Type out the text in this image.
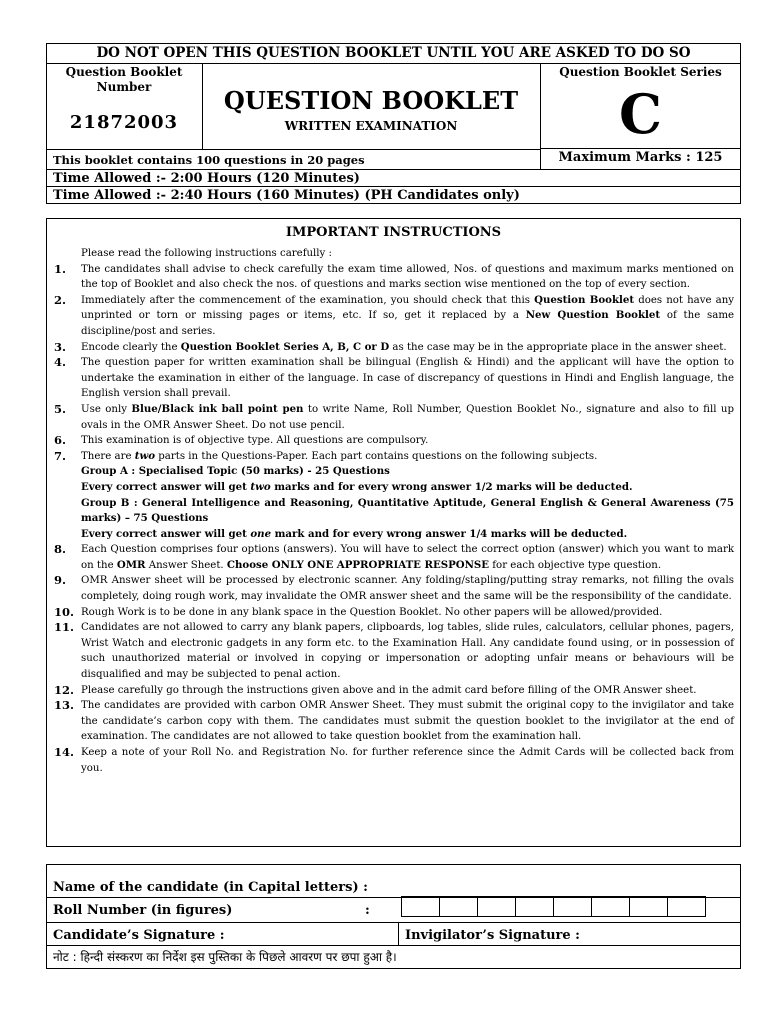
DO NOT OPEN THIS QUESTION BOOKLET UNTIL YOU ARE ASKED TO DO SO
Question Booklet
Number
21872003
QUESTION BOOKLET
WRITTEN EXAMINATION
Question Booklet Series
C
Maximum Marks : 125
This booklet contains 100 questions in 20 pages
Time Allowed :- 2:00 Hours (120 Minutes)
Time Allowed :- 2:40 Hours (160 Minutes) (PH Candidates only)
IMPORTANT INSTRUCTIONS
Please read the following instructions carefully :
1.	The candidates shall advise to check carefully the exam time allowed, Nos. of questions and maximum marks mentioned on the top of Booklet and also check the nos. of questions and marks section wise mentioned on the top of every section.
2.	Immediately after the commencement of the examination, you should check that this Question Booklet does not have any unprinted or torn or missing pages or items, etc. If so, get it replaced by a New Question Booklet of the same discipline/post and series.
3.	Encode clearly the Question Booklet Series A, B, C or D as the case may be in the appropriate place in the answer sheet.
4.	The question paper for written examination shall be bilingual (English & Hindi) and the applicant will have the option to undertake the examination in either of the language. In case of discrepancy of questions in Hindi and English language, the English version shall prevail.
5.	Use only Blue/Black ink ball point pen to write Name, Roll Number, Question Booklet No., signature and also to fill up ovals in the OMR Answer Sheet. Do not use pencil.
6.	This examination is of objective type. All questions are compulsory.
7.	There are two parts in the Questions-Paper. Each part contains questions on the following subjects.
Group A : Specialised Topic (50 marks) - 25 Questions
Every correct answer will get two marks and for every wrong answer 1/2 marks will be deducted.
Group B : General Intelligence and Reasoning, Quantitative Aptitude, General English & General Awareness (75 marks) – 75 Questions
Every correct answer will get one mark and for every wrong answer 1/4 marks will be deducted.
8.	Each Question comprises four options (answers). You will have to select the correct option (answer) which you want to mark on the OMR Answer Sheet. Choose ONLY ONE APPROPRIATE RESPONSE for each objective type question.
9.	OMR Answer sheet will be processed by electronic scanner. Any folding/stapling/putting stray remarks, not filling the ovals completely, doing rough work, may invalidate the OMR answer sheet and the same will be the responsibility of the candidate.
10. Rough Work is to be done in any blank space in the Question Booklet. No other papers will be allowed/provided.
11. Candidates are not allowed to carry any blank papers, clipboards, log tables, slide rules, calculators, cellular phones, pagers, Wrist Watch and electronic gadgets in any form etc. to the Examination Hall. Any candidate found using, or in possession of such unauthorized material or involved in copying or impersonation or adopting unfair means or behaviours will be disqualified and may be subjected to penal action.
12. Please carefully go through the instructions given above and in the admit card before filling of the OMR Answer sheet.
13. The candidates are provided with carbon OMR Answer Sheet. They must submit the original copy to the invigilator and take the candidate’s carbon copy with them. The candidates must submit the question booklet to the invigilator at the end of examination. The candidates are not allowed to take question booklet from the examination hall.
14. Keep a note of your Roll No. and Registration No. for further reference since the Admit Cards will be collected back from you.
Name of the candidate (in Capital letters) :
Roll Number (in figures)	:
Candidate’s Signature :	Invigilator’s Signature :
नोट : हिन्दी संस्करण का निर्देश इस पुस्तिका के पिछले आवरण पर छपा हुआ है।
